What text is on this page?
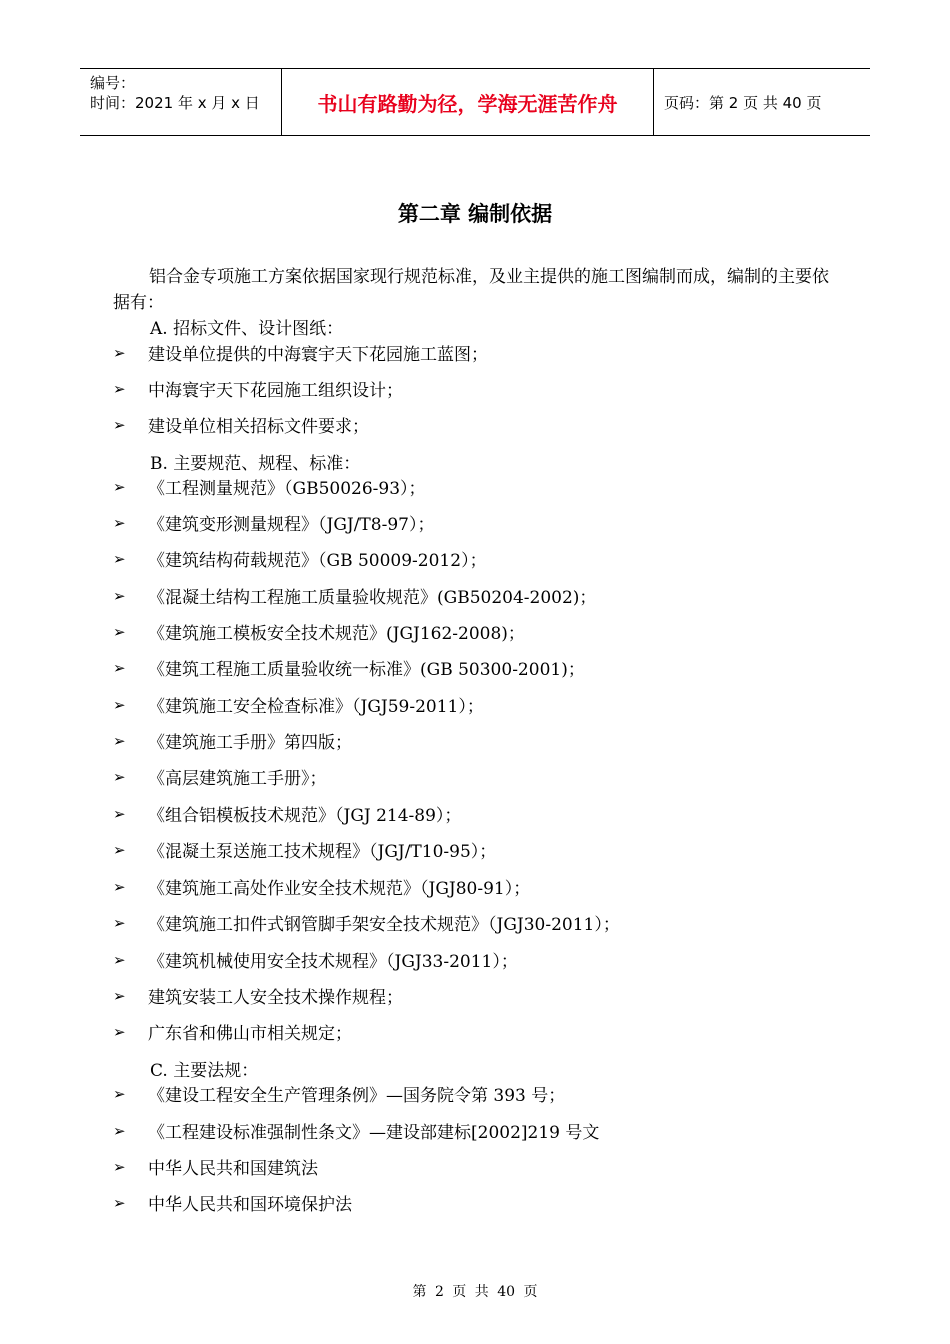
编号：
时间：2021 年 x 月 x 日	书山有路勤为径，学海无涯苦作舟	页码：第 2 页 共 40 页
第二章 编制依据

铝合金专项施工方案依据国家现行规范标准，及业主提供的施工图编制而成，编制的主要依据有：

A. 招标文件、设计图纸：
➢	建设单位提供的中海寰宇天下花园施工蓝图；
➢	中海寰宇天下花园施工组织设计；
➢	建设单位相关招标文件要求；
B. 主要规范、规程、标准：
➢	《工程测量规范》（GB50026-93）；
➢	《建筑变形测量规程》（JGJ/T8-97）；
➢	《建筑结构荷载规范》（GB 50009-2012）；
➢	《混凝土结构工程施工质量验收规范》(GB50204-2002)；
➢	《建筑施工模板安全技术规范》(JGJ162-2008)；
➢	《建筑工程施工质量验收统一标准》(GB 50300-2001)；
➢	《建筑施工安全检查标准》（JGJ59-2011）；
➢	《建筑施工手册》第四版；
➢	《高层建筑施工手册》；
➢	《组合铝模板技术规范》（JGJ 214-89）；
➢	《混凝土泵送施工技术规程》（JGJ/T10-95）；
➢	《建筑施工高处作业安全技术规范》（JGJ80-91）；
➢	《建筑施工扣件式钢管脚手架安全技术规范》（JGJ30-2011）；
➢	《建筑机械使用安全技术规程》（JGJ33-2011）；
➢	建筑安装工人安全技术操作规程；
➢	广东省和佛山市相关规定；
C. 主要法规：
➢	《建设工程安全生产管理条例》—国务院令第 393 号；
➢	《工程建设标准强制性条文》—建设部建标[2002]219 号文
➢	中华人民共和国建筑法
➢	中华人民共和国环境保护法
第 2 页 共 40 页
